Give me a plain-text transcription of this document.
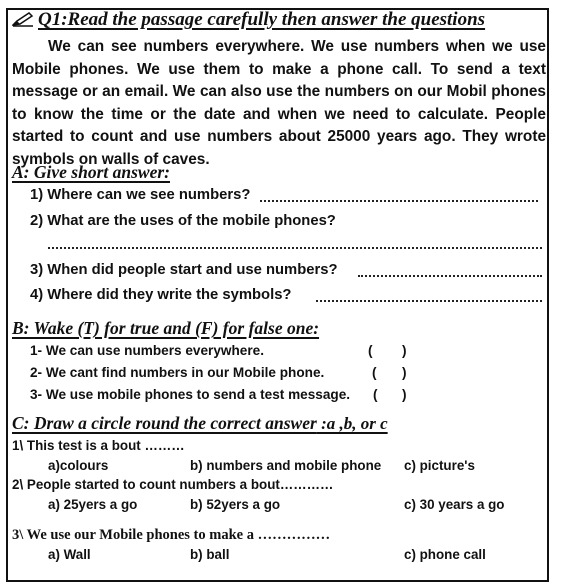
Q1:Read the passage carefully then answer the questions

We can see numbers everywhere. We use numbers when we use Mobile phones. We use them to make a phone call. To send a text message or an email. We can also use the numbers on our Mobil phones to know the time or the date and when we need to calculate. People started to count and use numbers about 25000 years ago. They wrote symbols on walls of caves.

A: Give short answer:
1) Where can we see numbers?
2) What are the uses of the mobile phones?
3) When did people start and use numbers?
4) Where did they write the symbols?
B: Wake (T) for true and (F) for false one:
1- We can use numbers everywhere.	( )
2- We cant find numbers in our Mobile phone.	( )
3- We use mobile phones to send a test message. ( )
C: Draw a circle round the correct answer :a ,b, or c
1\ This test is a bout ………
a)colours	b) numbers and mobile phone c) picture's
2\ People started to count numbers a bout…………
a) 25yers a go	b) 52yers a go	c) 30 years a go
3\ We use our Mobile phones to make a ……………
a) Wall	b) ball	c) phone call
